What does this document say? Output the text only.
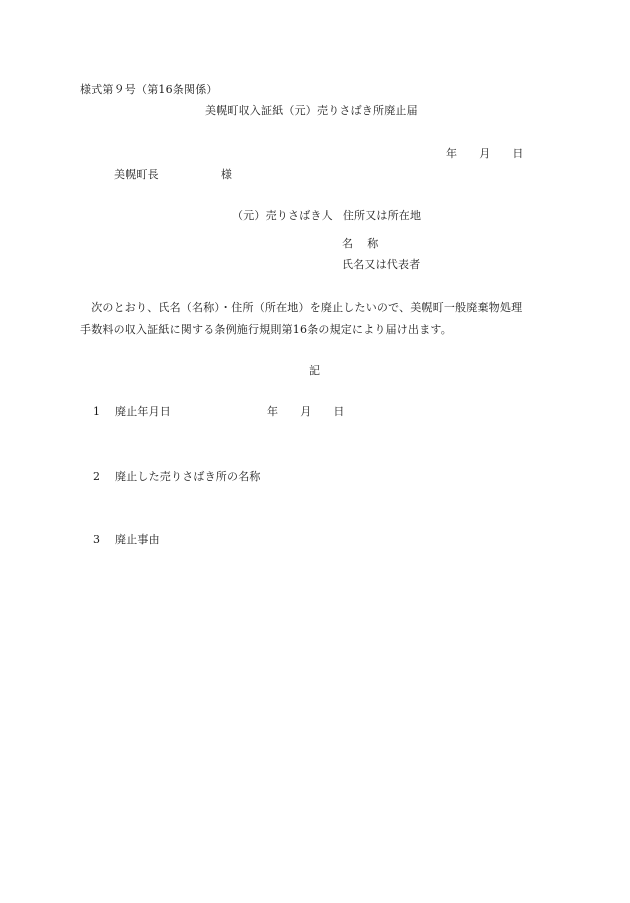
様式第９号（第16条関係）
美幌町収入証紙（元）売りさばき所廃止届
年 月 日
美幌町長	様
（元）売りさばき人 住所又は所在地
名 称
氏名又は代表者
　次のとおり、氏名（名称）・住所（所在地）を廃止したいので、美幌町一般廃棄物処理
手数料の収入証紙に関する条例施行規則第16条の規定により届け出ます。
記
1 廃止年月日	年 月 日
2 廃止した売りさばき所の名称
3 廃止事由
